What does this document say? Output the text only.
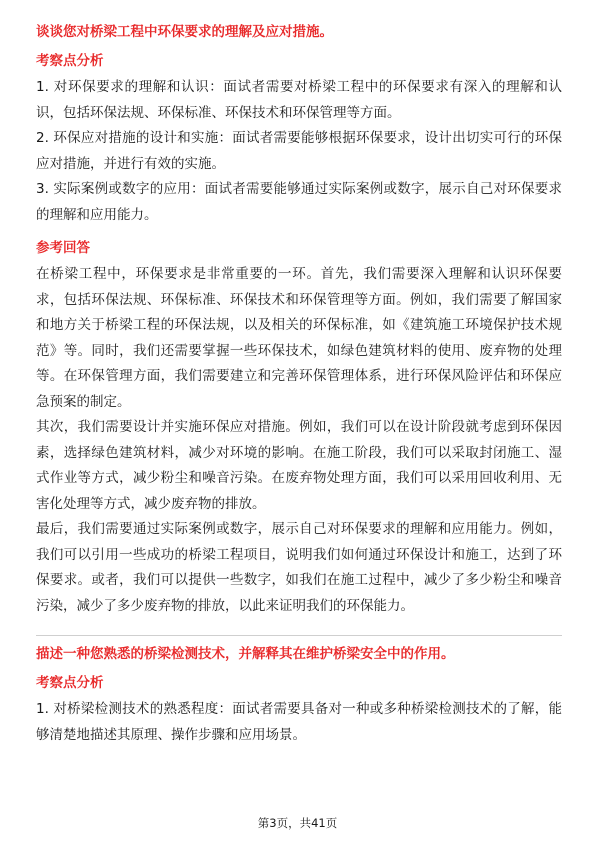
谈谈您对桥梁工程中环保要求的理解及应对措施。
考察点分析

1. 对环保要求的理解和认识：面试者需要对桥梁工程中的环保要求有深入的理解和认识，包括环保法规、环保标准、环保技术和环保管理等方面。

2. 环保应对措施的设计和实施：面试者需要能够根据环保要求，设计出切实可行的环保应对措施，并进行有效的实施。

3. 实际案例或数字的应用：面试者需要能够通过实际案例或数字，展示自己对环保要求的理解和应用能力。

参考回答

在桥梁工程中，环保要求是非常重要的一环。首先，我们需要深入理解和认识环保要求，包括环保法规、环保标准、环保技术和环保管理等方面。例如，我们需要了解国家和地方关于桥梁工程的环保法规，以及相关的环保标准，如《建筑施工环境保护技术规范》等。同时，我们还需要掌握一些环保技术，如绿色建筑材料的使用、废弃物的处理等。在环保管理方面，我们需要建立和完善环保管理体系，进行环保风险评估和环保应急预案的制定。

其次，我们需要设计并实施环保应对措施。例如，我们可以在设计阶段就考虑到环保因素，选择绿色建筑材料，减少对环境的影响。在施工阶段，我们可以采取封闭施工、湿式作业等方式，减少粉尘和噪音污染。在废弃物处理方面，我们可以采用回收利用、无害化处理等方式，减少废弃物的排放。

最后，我们需要通过实际案例或数字，展示自己对环保要求的理解和应用能力。例如，我们可以引用一些成功的桥梁工程项目，说明我们如何通过环保设计和施工，达到了环保要求。或者，我们可以提供一些数字，如我们在施工过程中，减少了多少粉尘和噪音污染，减少了多少废弃物的排放，以此来证明我们的环保能力。

描述一种您熟悉的桥梁检测技术，并解释其在维护桥梁安全中的作用。
考察点分析

1. 对桥梁检测技术的熟悉程度：面试者需要具备对一种或多种桥梁检测技术的了解，能够清楚地描述其原理、操作步骤和应用场景。

第3页，共41页
